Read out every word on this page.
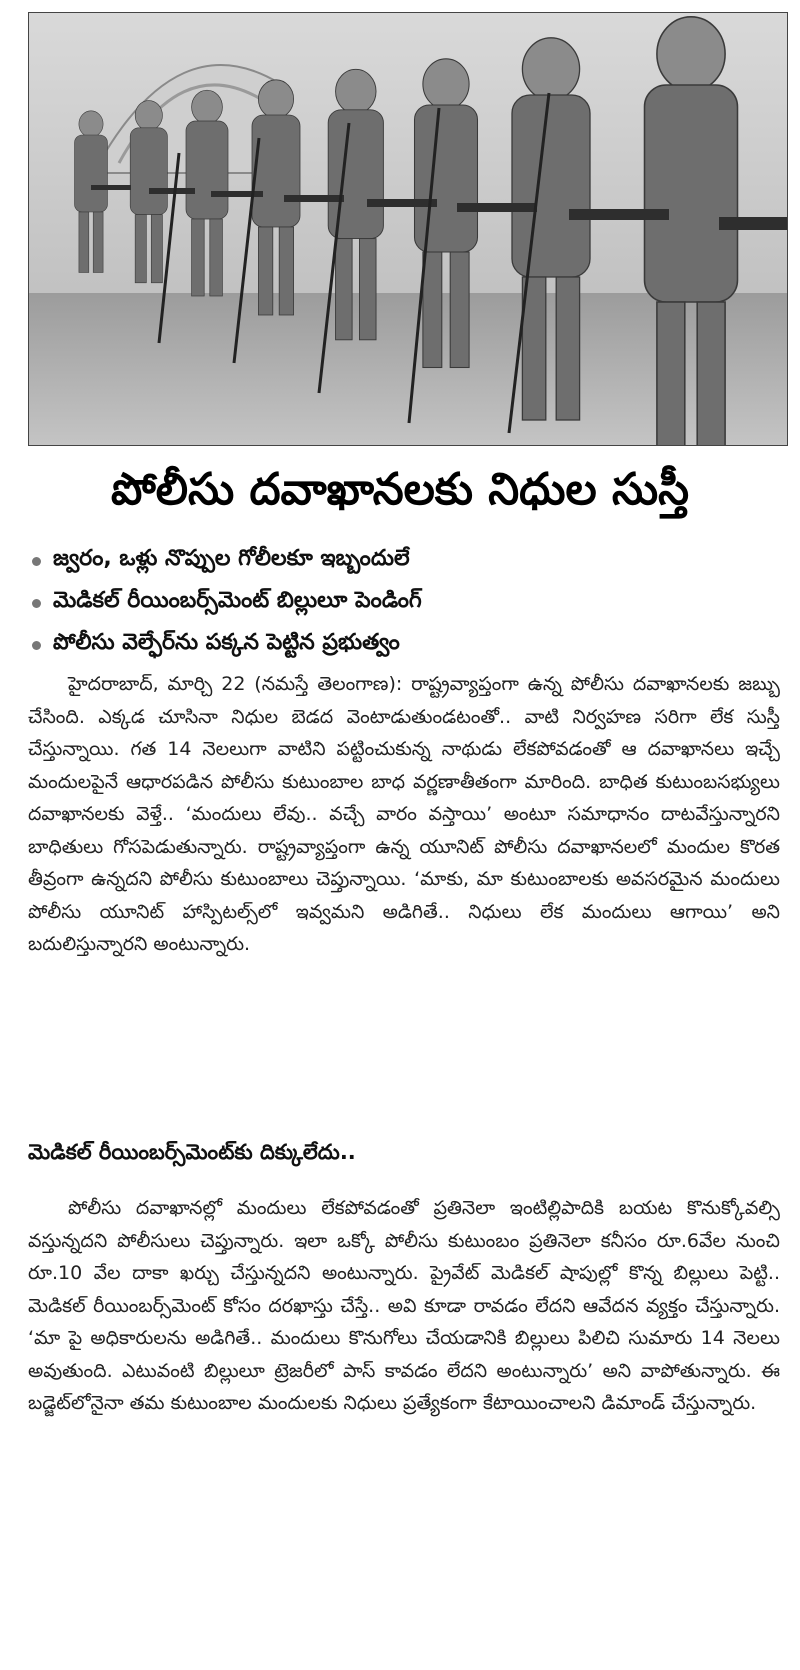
పోలీసు దవాఖానలకు నిధుల సుస్తీ
జ్వరం, ఒళ్లు నొప్పుల గోలీలకూ ఇబ్బందులే
మెడికల్ రీయింబర్స్‌మెంట్ బిల్లులూ పెండింగ్
పోలీసు వెల్ఫేర్‌ను పక్కన పెట్టిన ప్రభుత్వం

హైదరాబాద్, మార్చి 22 (నమస్తే తెలంగాణ): రాష్ట్రవ్యాప్తంగా ఉన్న పోలీసు దవాఖానలకు జబ్బు చేసింది. ఎక్కడ చూసినా నిధుల బెడద వెంటాడుతుండటంతో.. వాటి నిర్వహణ సరిగా లేక సుస్తీ చేస్తున్నాయి. గత 14 నెలలుగా వాటిని పట్టించుకున్న నాథుడు లేకపోవడంతో ఆ దవాఖానలు ఇచ్చే మందులపైనే ఆధారపడిన పోలీసు కుటుంబాల బాధ వర్ణణాతీతంగా మారింది. బాధిత కుటుంబసభ్యులు దవాఖానలకు వెళ్తే.. ‘మందులు లేవు.. వచ్చే వారం వస్తాయి’ అంటూ సమాధానం దాటవేస్తున్నారని బాధితులు గోసపెడుతున్నారు. రాష్ట్రవ్యాప్తంగా ఉన్న యూనిట్ పోలీసు దవాఖానలలో మందుల కొరత తీవ్రంగా ఉన్నదని పోలీసు కుటుంబాలు చెప్తున్నాయి. ‘మాకు, మా కుటుంబాలకు అవసరమైన మందులు పోలీసు యూనిట్ హాస్పిటల్స్‌లో ఇవ్వమని అడిగితే.. నిధులు లేక మందులు ఆగాయి’ అని బదులిస్తున్నారని అంటున్నారు.

మెడికల్ రీయింబర్స్‌మెంట్‌కు దిక్కులేదు..

పోలీసు దవాఖానల్లో మందులు లేకపోవడంతో ప్రతినెలా ఇంటిల్లిపాదికి బయట కొనుక్కోవల్సి వస్తున్నదని పోలీసులు చెప్తున్నారు. ఇలా ఒక్కో పోలీసు కుటుంబం ప్రతినెలా కనీసం రూ.6వేల నుంచి రూ.10 వేల దాకా ఖర్చు చేస్తున్నదని అంటున్నారు. ప్రైవేట్ మెడికల్ షాపుల్లో కొన్న బిల్లులు పెట్టి.. మెడికల్ రీయింబర్స్‌మెంట్ కోసం దరఖాస్తు చేస్తే.. అవి కూడా రావడం లేదని ఆవేదన వ్యక్తం చేస్తున్నారు. ‘మా పై అధికారులను అడిగితే.. మందులు కొనుగోలు చేయడానికి బిల్లులు పిలిచి సుమారు 14 నెలలు అవుతుంది. ఎటువంటి బిల్లులూ ట్రెజరీలో పాస్ కావడం లేదని అంటున్నారు’ అని వాపోతున్నారు. ఈ బడ్జెట్‌లోనైనా తమ కుటుంబాల మందులకు నిధులు ప్రత్యేకంగా కేటాయించాలని డిమాండ్ చేస్తున్నారు.
